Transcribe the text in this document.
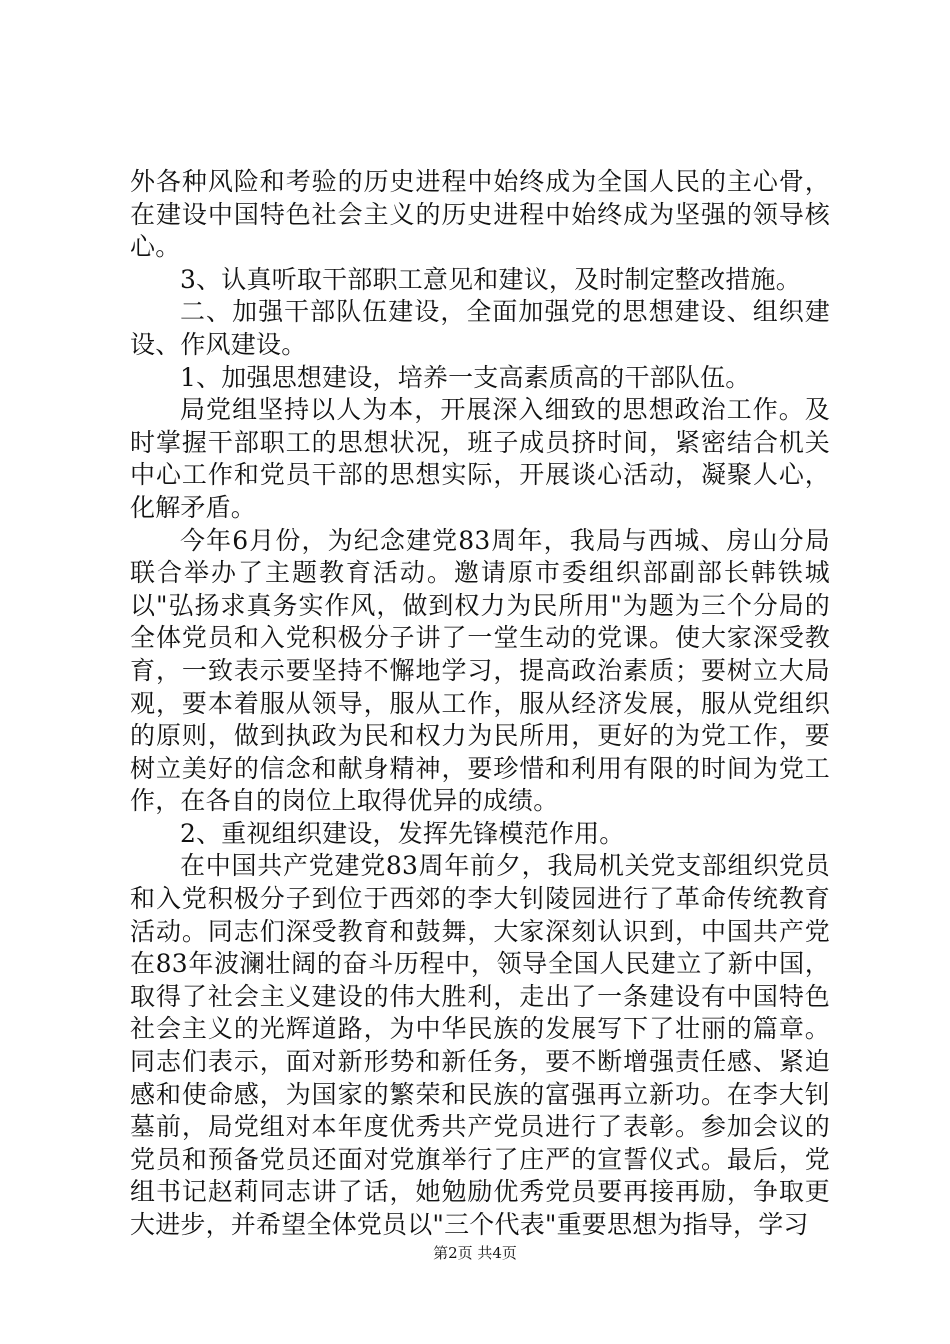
外各种风险和考验的历史进程中始终成为全国人民的主心骨，在建设中国特色社会主义的历史进程中始终成为坚强的领导核心。

3、认真听取干部职工意见和建议，及时制定整改措施。

二、加强干部队伍建设，全面加强党的思想建设、组织建设、作风建设。

1、加强思想建设，培养一支高素质高的干部队伍。

局党组坚持以人为本，开展深入细致的思想政治工作。及时掌握干部职工的思想状况，班子成员挤时间，紧密结合机关中心工作和党员干部的思想实际，开展谈心活动，凝聚人心，化解矛盾。

今年6月份，为纪念建党83周年，我局与西城、房山分局联合举办了主题教育活动。邀请原市委组织部副部长韩铁城以"弘扬求真务实作风，做到权力为民所用"为题为三个分局的全体党员和入党积极分子讲了一堂生动的党课。使大家深受教育，一致表示要坚持不懈地学习，提高政治素质；要树立大局观，要本着服从领导，服从工作，服从经济发展，服从党组织的原则，做到执政为民和权力为民所用，更好的为党工作，要树立美好的信念和献身精神，要珍惜和利用有限的时间为党工作，在各自的岗位上取得优异的成绩。

2、重视组织建设，发挥先锋模范作用。

在中国共产党建党83周年前夕，我局机关党支部组织党员和入党积极分子到位于西郊的李大钊陵园进行了革命传统教育活动。同志们深受教育和鼓舞，大家深刻认识到，中国共产党在83年波澜壮阔的奋斗历程中，领导全国人民建立了新中国，取得了社会主义建设的伟大胜利，走出了一条建设有中国特色社会主义的光辉道路，为中华民族的发展写下了壮丽的篇章。同志们表示，面对新形势和新任务，要不断增强责任感、紧迫感和使命感，为国家的繁荣和民族的富强再立新功。在李大钊墓前，局党组对本年度优秀共产党员进行了表彰。参加会议的党员和预备党员还面对党旗举行了庄严的宣誓仪式。最后，党组书记赵莉同志讲了话，她勉励优秀党员要再接再励，争取更大进步，并希望全体党员以"三个代表"重要思想为指导，学习

第2页 共4页
